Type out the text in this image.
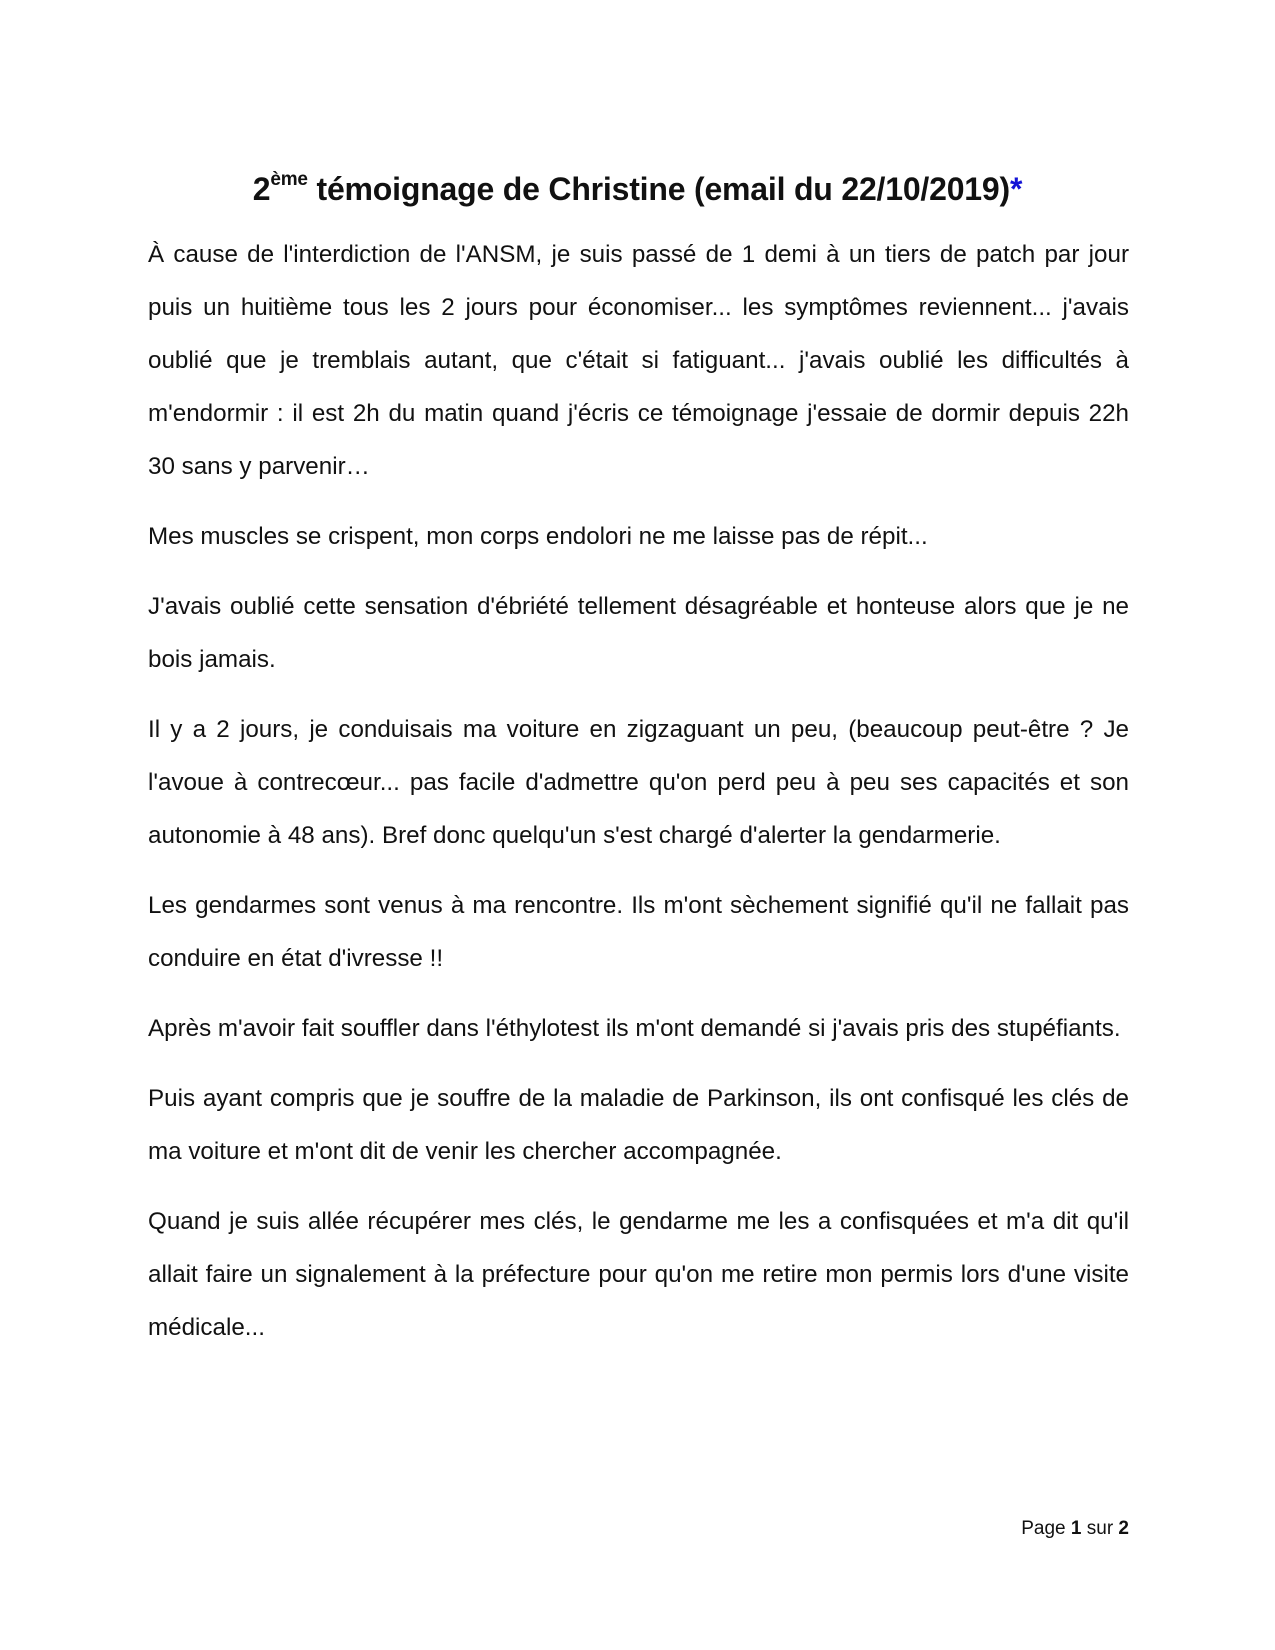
2ème témoignage de Christine (email du 22/10/2019)*

À cause de l'interdiction de l'ANSM, je suis passé de 1 demi à un tiers de patch par jour puis un huitième tous les 2 jours pour économiser... les symptômes reviennent... j'avais oublié que je tremblais autant, que c'était si fatiguant... j'avais oublié les difficultés à m'endormir : il est 2h du matin quand j'écris ce témoignage j'essaie de dormir depuis 22h 30 sans y parvenir…

Mes muscles se crispent, mon corps endolori ne me laisse pas de répit...

J'avais oublié cette sensation d'ébriété tellement désagréable et honteuse alors que je ne bois jamais.

Il y a 2 jours, je conduisais ma voiture en zigzaguant un peu, (beaucoup peut-être ? Je l'avoue à contrecœur... pas facile d'admettre qu'on perd peu à peu ses capacités et son autonomie à 48 ans). Bref donc quelqu'un s'est chargé d'alerter la gendarmerie.

Les gendarmes sont venus à ma rencontre. Ils m'ont sèchement signifié qu'il ne fallait pas conduire en état d'ivresse !!

Après m'avoir fait souffler dans l'éthylotest ils m'ont demandé si j'avais pris des stupéfiants.

Puis ayant compris que je souffre de la maladie de Parkinson, ils ont confisqué les clés de ma voiture et m'ont dit de venir les chercher accompagnée.

Quand je suis allée récupérer mes clés, le gendarme me les a confisquées et m'a dit qu'il allait faire un signalement à la préfecture pour qu'on me retire mon permis lors d'une visite médicale...

Page 1 sur 2
